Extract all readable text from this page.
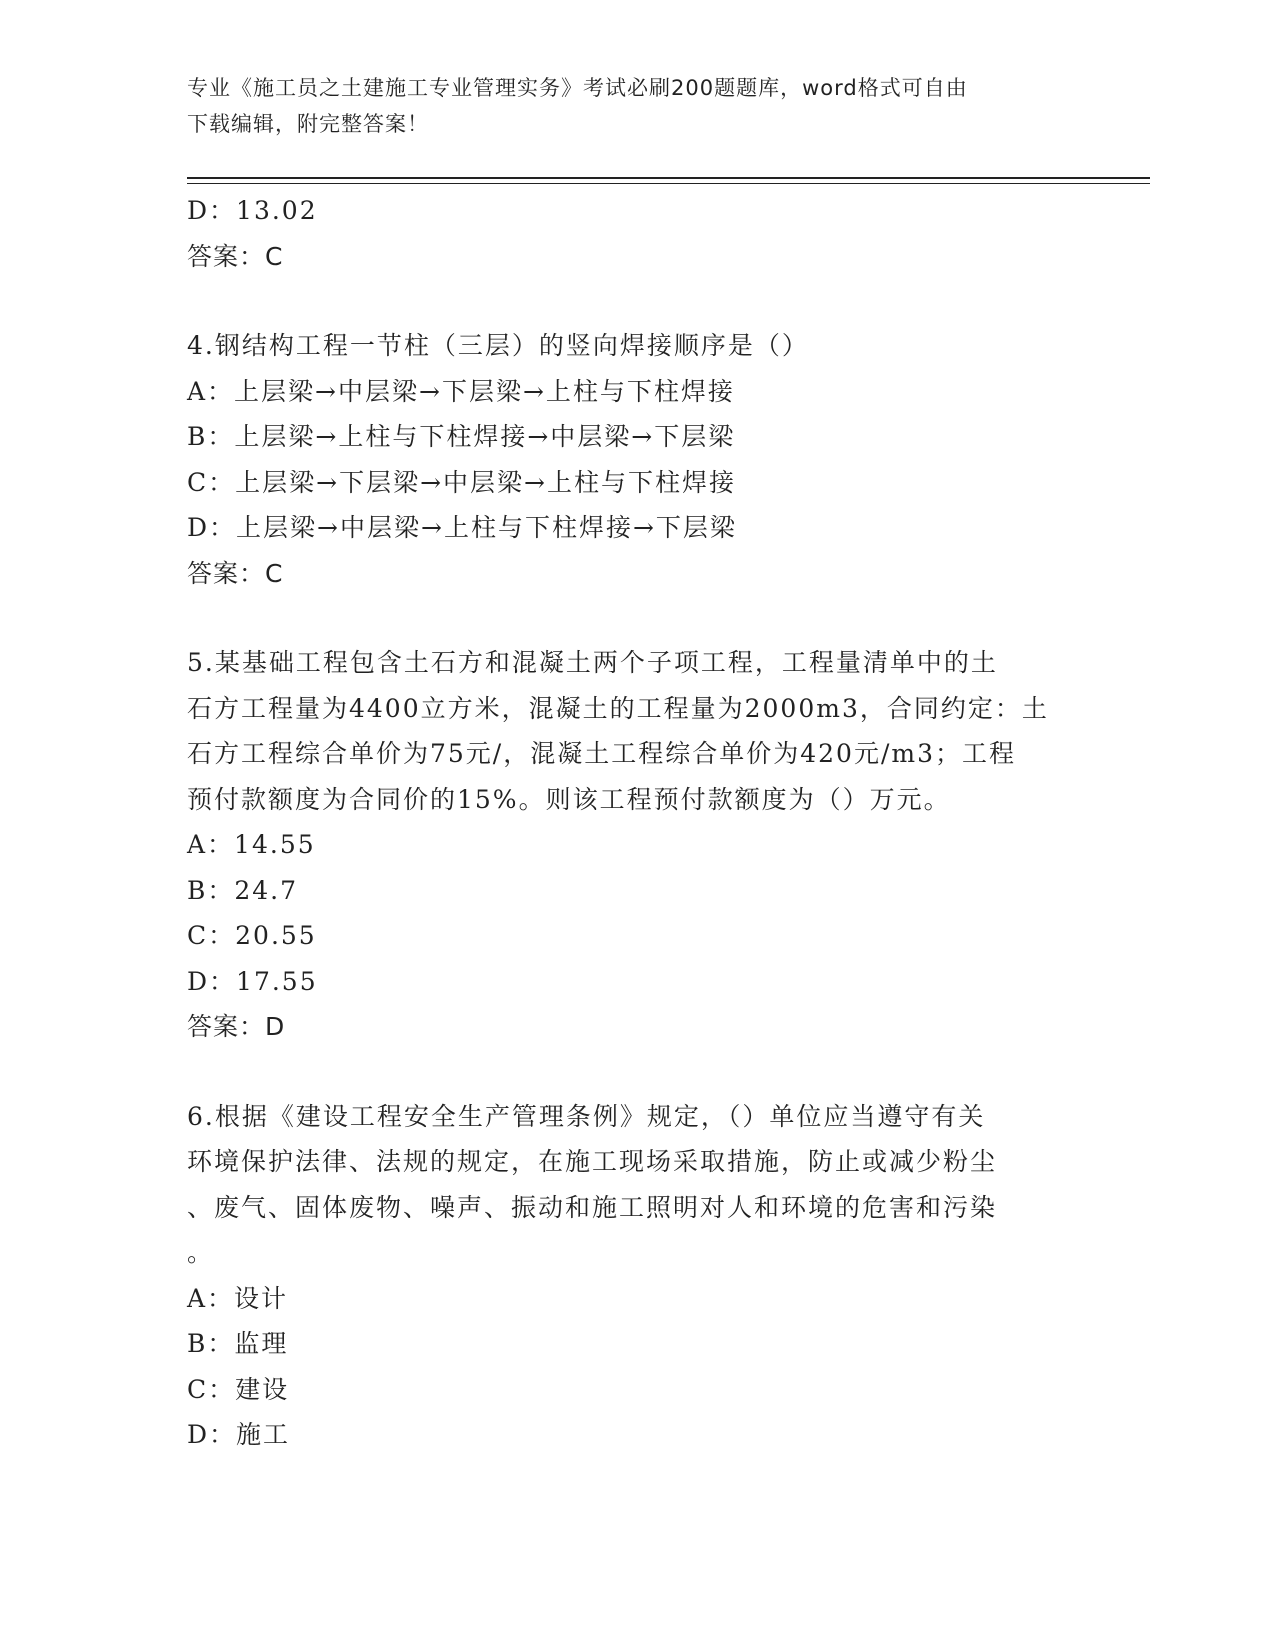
专业《施工员之土建施工专业管理实务》考试必刷200题题库，word格式可自由
下载编辑，附完整答案！
D：13.02
答案：C
4.钢结构工程一节柱（三层）的竖向焊接顺序是（）
A：上层梁→中层梁→下层梁→上柱与下柱焊接
B：上层梁→上柱与下柱焊接→中层梁→下层梁
C：上层梁→下层梁→中层梁→上柱与下柱焊接
D：上层梁→中层梁→上柱与下柱焊接→下层梁
答案：C
5.某基础工程包含土石方和混凝土两个子项工程，工程量清单中的土
石方工程量为4400立方米，混凝土的工程量为2000m3，合同约定：土
石方工程综合单价为75元/，混凝土工程综合单价为420元/m3；工程
预付款额度为合同价的15%。则该工程预付款额度为（）万元。
A：14.55
B：24.7
C：20.55
D：17.55
答案：D
6.根据《建设工程安全生产管理条例》规定，（）单位应当遵守有关
环境保护法律、法规的规定，在施工现场采取措施，防止或减少粉尘
、废气、固体废物、噪声、振动和施工照明对人和环境的危害和污染
。
A：设计
B：监理
C：建设
D：施工
